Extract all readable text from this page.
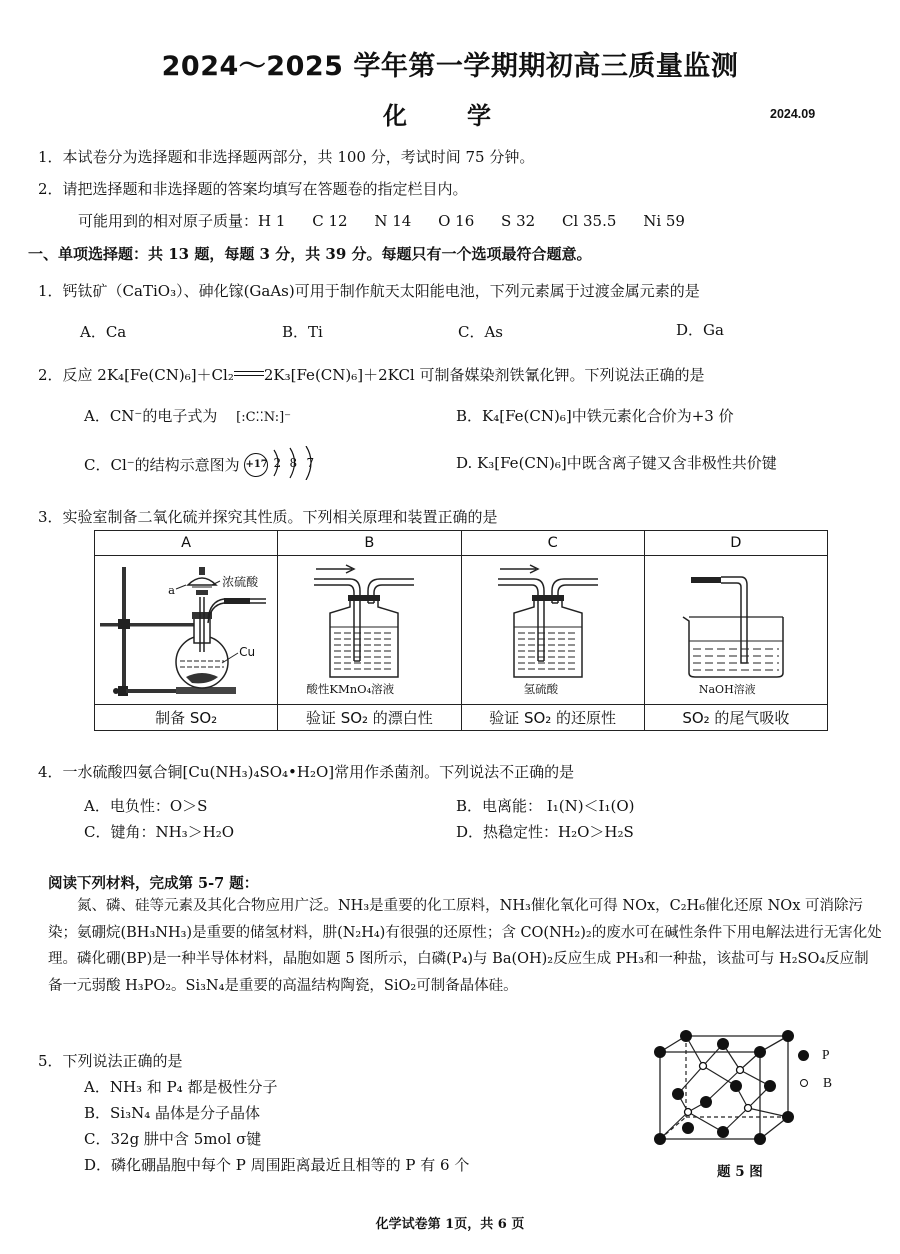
2024～2025 学年第一学期期初高三质量监测
化学	2024.09
1．本试卷分为选择题和非选择题两部分，共 100 分，考试时间 75 分钟。
2．请把选择题和非选择题的答案均填写在答题卷的指定栏目内。
可能用到的相对原子质量：H 1 C 12 N 14 O 16 S 32 Cl 35.5 Ni 59
一、单项选择题：共 13 题，每题 3 分，共 39 分。每题只有一个选项最符合题意。
1．钙钛矿（CaTiO₃）、砷化镓(GaAs)可用于制作航天太阳能电池，下列元素属于过渡金属元素的是
A．Ca	B．Ti	C．As	D．Ga
2．反应 2K₄[Fe(CN)₆]＋Cl₂ 2K₃[Fe(CN)₆]＋2KCl 可制备媒染剂铁氰化钾。下列说法正确的是
A．CN⁻的电子式为 [:C⁚⁚N:]⁻	B．K₄[Fe(CN)₆]中铁元素化合价为+3 价
C．Cl⁻的结构示意图为 +17 2 8 7	D. K₃[Fe(CN)₆]中既含离子键又含非极性共价键
3．实验室制备二氧化硫并探究其性质。下列相关原理和装置正确的是
A	B	C	D

浓硫酸
a
Cu	酸性KMnO₄溶液	氢硫酸	NaOH溶液

制备 SO₂	验证 SO₂ 的漂白性	验证 SO₂ 的还原性	SO₂ 的尾气吸收
4．一水硫酸四氨合铜[Cu(NH₃)₄SO₄•H₂O]常用作杀菌剂。下列说法不正确的是
A．电负性：O＞S	B．电离能： I₁(N)＜I₁(O)
C．键角：NH₃＞H₂O	D．热稳定性：H₂O＞H₂S
阅读下列材料，完成第 5-7 题：
氮、磷、硅等元素及其化合物应用广泛。NH₃是重要的化工原料，NH₃催化氧化可得 NOx，C₂H₆催化还原 NOx 可消除污染；氨硼烷(BH₃NH₃)是重要的储氢材料，肼(N₂H₄)有很强的还原性；含 CO(NH₂)₂的废水可在碱性条件下用电解法进行无害化处理。磷化硼(BP)是一种半导体材料，晶胞如题 5 图所示，白磷(P₄)与 Ba(OH)₂反应生成 PH₃和一种盐，该盐可与 H₂SO₄反应制备一元弱酸 H₃PO₂。Si₃N₄是重要的高温结构陶瓷，SiO₂可制备晶体硅。
5．下列说法正确的是
A．NH₃ 和 P₄ 都是极性分子
B．Si₃N₄ 晶体是分子晶体
C．32g 肼中含 5mol σ键
D．磷化硼晶胞中每个 P 周围距离最近且相等的 P 有 6 个
P
B
题 5 图
化学试卷第 1页，共 6 页
